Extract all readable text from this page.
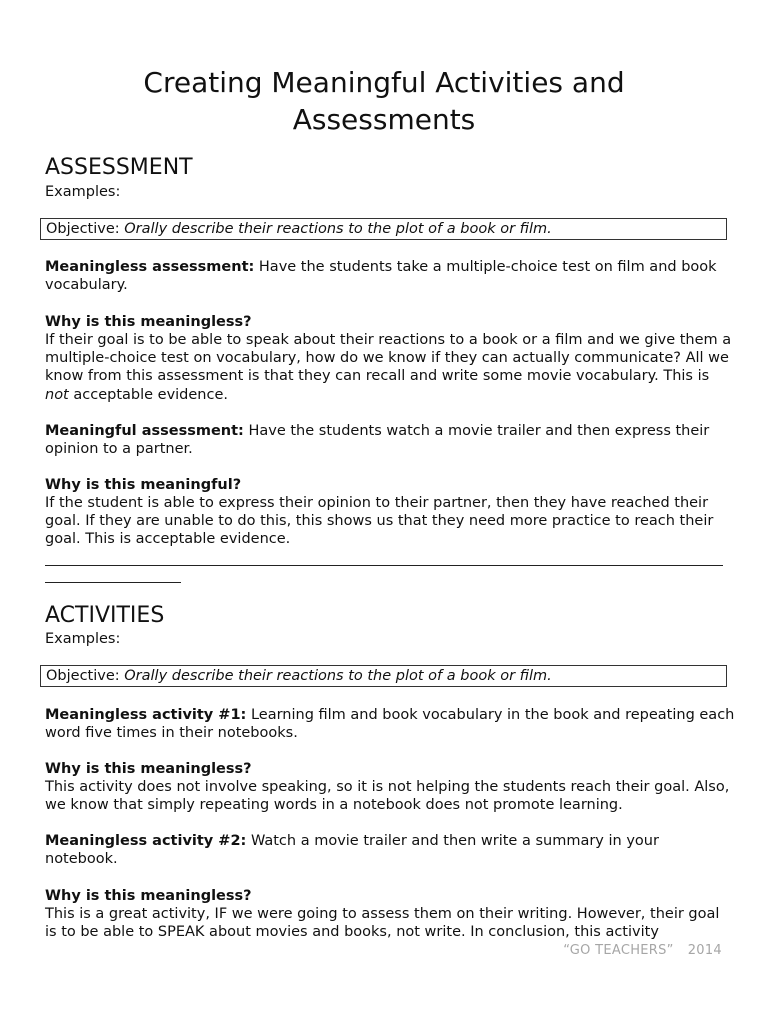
Creating Meaningful Activities and Assessments
ASSESSMENT

Examples:

Objective: Orally describe their reactions to the plot of a book or film.

Meaningless assessment: Have the students take a multiple-choice test on film and book vocabulary.

Why is this meaningless?

If their goal is to be able to speak about their reactions to a book or a film and we give them a multiple-choice test on vocabulary, how do we know if they can actually communicate? All we know from this assessment is that they can recall and write some movie vocabulary. This is not acceptable evidence.

Meaningful assessment: Have the students watch a movie trailer and then express their opinion to a partner.

Why is this meaningful?

If the student is able to express their opinion to their partner, then they have reached their goal. If they are unable to do this, this shows us that they need more practice to reach their goal. This is acceptable evidence.

ACTIVITIES

Examples:

Objective: Orally describe their reactions to the plot of a book or film.

Meaningless activity #1: Learning film and book vocabulary in the book and repeating each word five times in their notebooks.

Why is this meaningless?

This activity does not involve speaking, so it is not helping the students reach their goal. Also, we know that simply repeating words in a notebook does not promote learning.

Meaningless activity #2: Watch a movie trailer and then write a summary in your notebook.

Why is this meaningless?

This is a great activity, IF we were going to assess them on their writing. However, their goal is to be able to SPEAK about movies and books, not write. In conclusion, this activity

“GO TEACHERS” 2014
